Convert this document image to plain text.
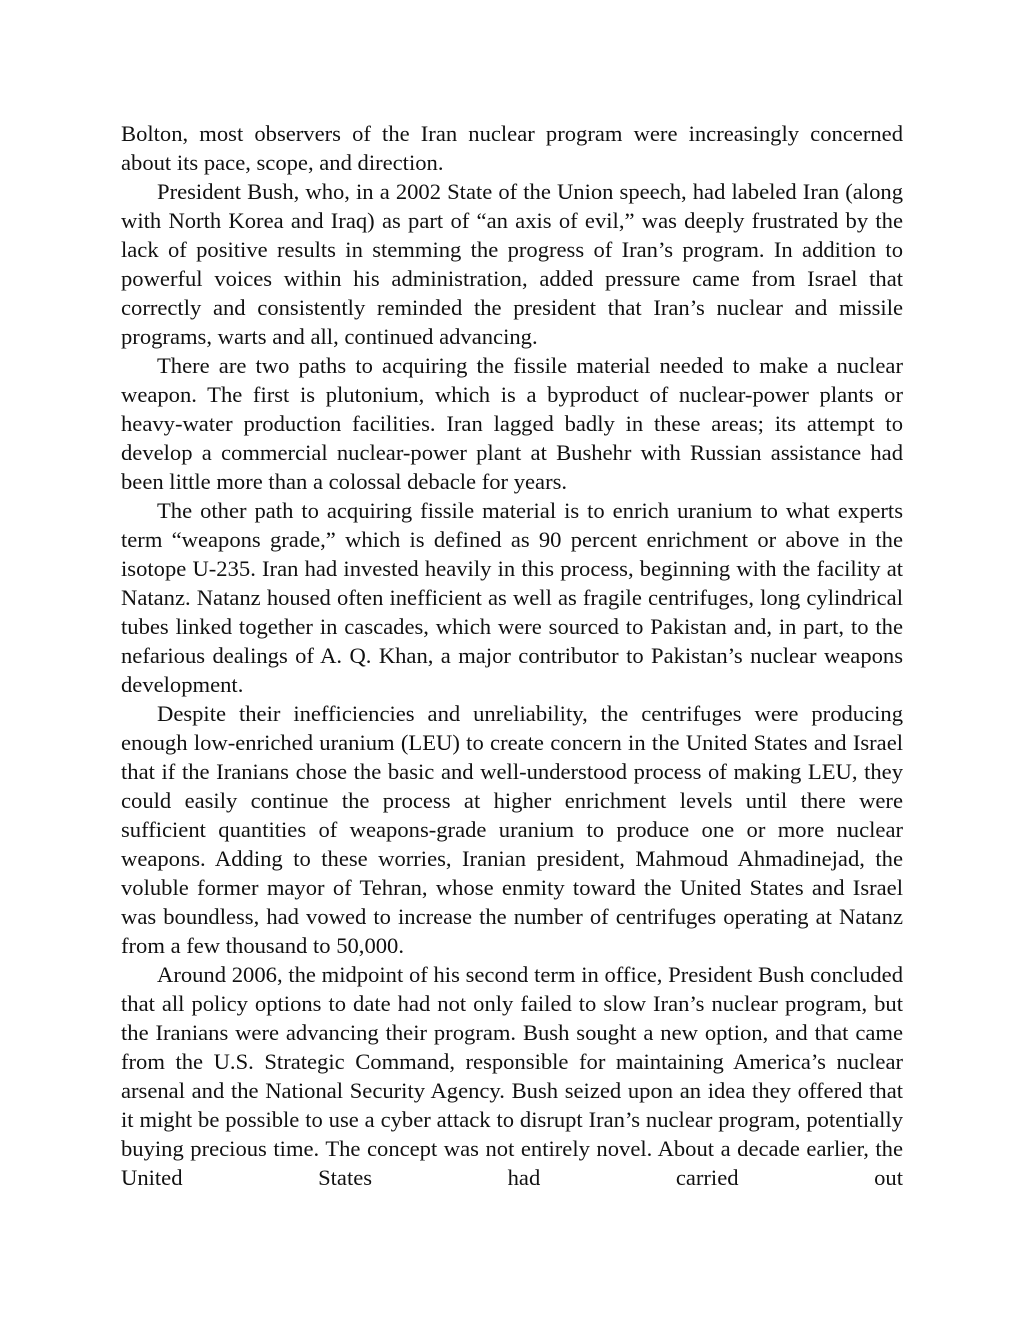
Bolton, most observers of the Iran nuclear program were increasingly concerned about its pace, scope, and direction.

President Bush, who, in a 2002 State of the Union speech, had labeled Iran (along with North Korea and Iraq) as part of “an axis of evil,” was deeply frustrated by the lack of positive results in stemming the progress of Iran’s program. In addition to powerful voices within his administration, added pressure came from Israel that correctly and consistently reminded the president that Iran’s nuclear and missile programs, warts and all, continued advancing.

There are two paths to acquiring the fissile material needed to make a nuclear weapon. The first is plutonium, which is a byproduct of nuclear-power plants or heavy-water production facilities. Iran lagged badly in these areas; its attempt to develop a commercial nuclear-power plant at Bushehr with Russian assistance had been little more than a colossal debacle for years.

The other path to acquiring fissile material is to enrich uranium to what experts term “weapons grade,” which is defined as 90 percent enrichment or above in the isotope U-235. Iran had invested heavily in this process, beginning with the facility at Natanz. Natanz housed often inefficient as well as fragile centrifuges, long cylindrical tubes linked together in cascades, which were sourced to Pakistan and, in part, to the nefarious dealings of A. Q. Khan, a major contributor to Pakistan’s nuclear weapons development.

Despite their inefficiencies and unreliability, the centrifuges were producing enough low-enriched uranium (LEU) to create concern in the United States and Israel that if the Iranians chose the basic and well-understood process of making LEU, they could easily continue the process at higher enrichment levels until there were sufficient quantities of weapons-grade uranium to produce one or more nuclear weapons. Adding to these worries, Iranian president, Mahmoud Ahmadinejad, the voluble former mayor of Tehran, whose enmity toward the United States and Israel was boundless, had vowed to increase the number of centrifuges operating at Natanz from a few thousand to 50,000.

Around 2006, the midpoint of his second term in office, President Bush concluded that all policy options to date had not only failed to slow Iran’s nuclear program, but the Iranians were advancing their program. Bush sought a new option, and that came from the U.S. Strategic Command, responsible for maintaining America’s nuclear arsenal and the National Security Agency. Bush seized upon an idea they offered that it might be possible to use a cyber attack to disrupt Iran’s nuclear program, potentially buying precious time. The concept was not entirely novel. About a decade earlier, the United States had carried out
